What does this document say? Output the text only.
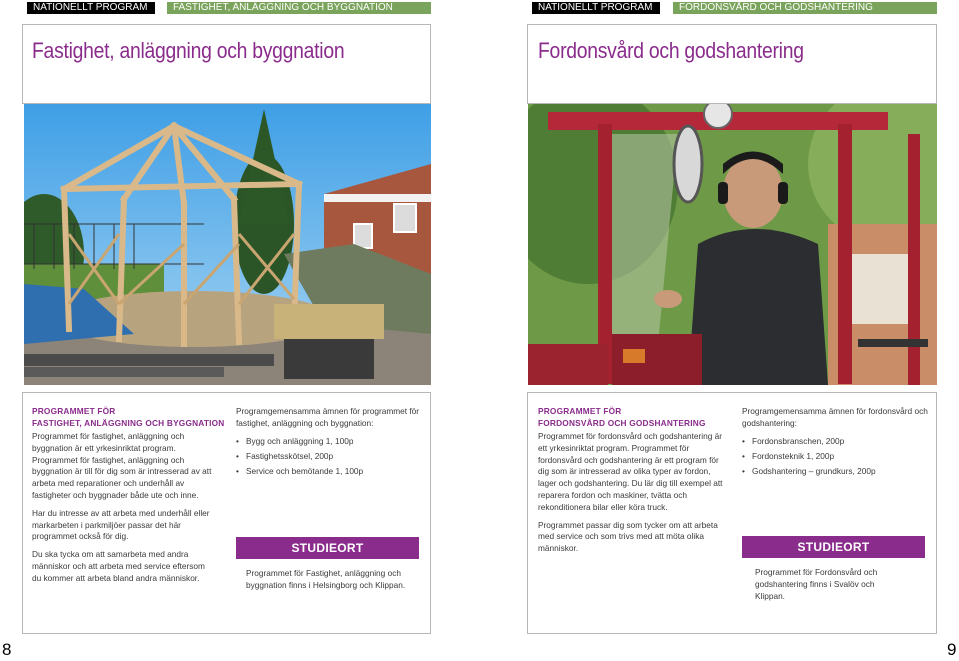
NATIONELLT PROGRAM	FASTIGHET, ANLÄGGNING OCH BYGGNATION
Fastighet, anläggning och byggnation
PROGRAMMET FÖR
FASTIGHET, ANLÄGGNING OCH BYGGNATION

Programmet för fastighet, anläggning och byggnation är ett yrkesinriktat program. Programmet för fastighet, anläggning och byggnation är till för dig som är intresserad av att arbeta med reparationer och underhåll av fastigheter och byggnader både ute och inne.

Har du intresse av att arbeta med underhåll eller markarbeten i parkmiljöer passar det här programmet också för dig.

Du ska tycka om att samarbeta med andra människor och att arbeta med service eftersom du kommer att arbeta bland andra människor.

Programgemensamma ämnen för programmet för fastighet, anläggning och byggnation:

• Bygg och anläggning 1, 100p
• Fastighetsskötsel, 200p
• Service och bemötande 1, 100p
STUDIEORT
Programmet för Fastighet, anläggning och byggnation finns i Helsingborg och Klippan.
8
NATIONELLT PROGRAM	FORDONSVÅRD OCH GODSHANTERING
Fordonsvård och godshantering
PROGRAMMET FÖR
FORDONSVÅRD OCH GODSHANTERING

Programmet för fordonsvård och godshantering är ett yrkesinriktat program. Programmet för fordonsvård och godshantering är ett program för dig som är intresserad av olika typer av fordon, lager och godshantering. Du lär dig till exempel att reparera fordon och maskiner, tvätta och rekonditionera bilar eller köra truck.

Programmet passar dig som tycker om att arbeta med service och som trivs med att möta olika människor.

Programgemensamma ämnen för fordonsvård och godshantering:

• Fordonsbranschen, 200p
• Fordonsteknik 1, 200p
• Godshantering – grundkurs, 200p
STUDIEORT
Programmet för Fordonsvård och godshantering finns i Svalöv och Klippan.
9
